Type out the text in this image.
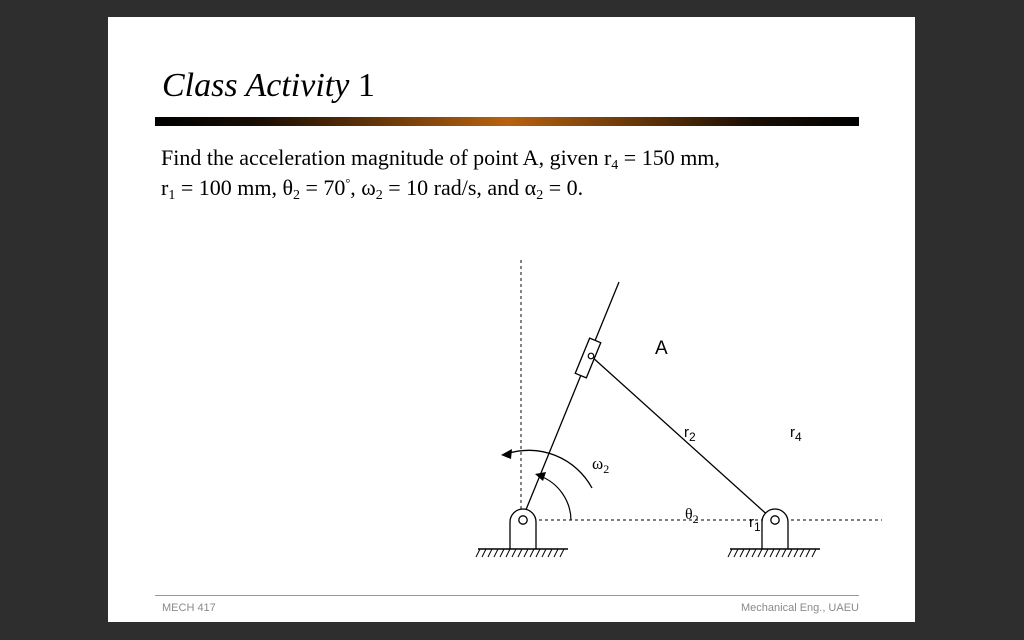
Class Activity 1
Find the acceleration magnitude of point A, given $r_4 = 150$ mm,
$r_1 = 100$ mm, $\theta_2 = 70^\circ$, $\omega_2 = 10$ rad/s, and $\alpha_2 = 0$.
A
$r_2$	$r_4$
$r_1$
$\omega_2$
$\theta_2$
MECH 417	Mechanical Eng., UAEU
